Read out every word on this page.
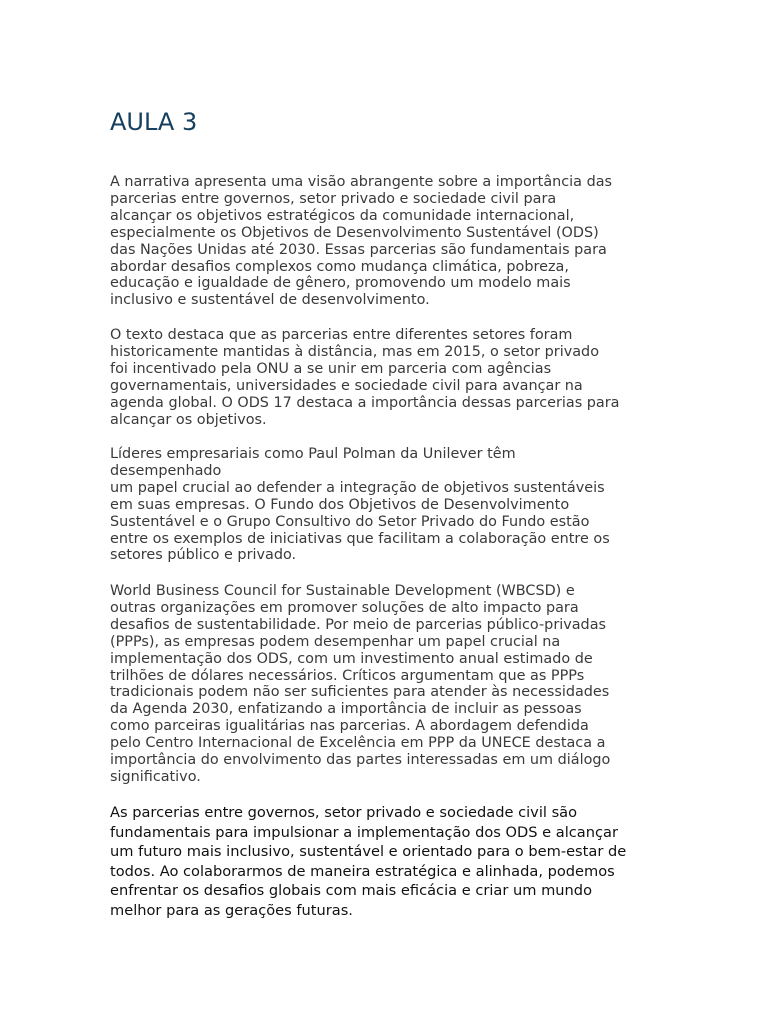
AULA 3

A narrativa apresenta uma visão abrangente sobre a importância das
parcerias entre governos, setor privado e sociedade civil para
alcançar os objetivos estratégicos da comunidade internacional,
especialmente os Objetivos de Desenvolvimento Sustentável (ODS)
das Nações Unidas até 2030. Essas parcerias são fundamentais para
abordar desafios complexos como mudança climática, pobreza,
educação e igualdade de gênero, promovendo um modelo mais
inclusivo e sustentável de desenvolvimento.

O texto destaca que as parcerias entre diferentes setores foram
historicamente mantidas à distância, mas em 2015, o setor privado
foi incentivado pela ONU a se unir em parceria com agências
governamentais, universidades e sociedade civil para avançar na
agenda global. O ODS 17 destaca a importância dessas parcerias para
alcançar os objetivos.

Líderes empresariais como Paul Polman da Unilever têm
desempenhado
um papel crucial ao defender a integração de objetivos sustentáveis
em suas empresas. O Fundo dos Objetivos de Desenvolvimento
Sustentável e o Grupo Consultivo do Setor Privado do Fundo estão
entre os exemplos de iniciativas que facilitam a colaboração entre os
setores público e privado.

World Business Council for Sustainable Development (WBCSD) e
outras organizações em promover soluções de alto impacto para
desafios de sustentabilidade. Por meio de parcerias público-privadas
(PPPs), as empresas podem desempenhar um papel crucial na
implementação dos ODS, com um investimento anual estimado de
trilhões de dólares necessários. Críticos argumentam que as PPPs
tradicionais podem não ser suficientes para atender às necessidades
da Agenda 2030, enfatizando a importância de incluir as pessoas
como parceiras igualitárias nas parcerias. A abordagem defendida
pelo Centro Internacional de Excelência em PPP da UNECE destaca a
importância do envolvimento das partes interessadas em um diálogo
significativo.

As parcerias entre governos, setor privado e sociedade civil são
fundamentais para impulsionar a implementação dos ODS e alcançar
um futuro mais inclusivo, sustentável e orientado para o bem-estar de
todos. Ao colaborarmos de maneira estratégica e alinhada, podemos
enfrentar os desafios globais com mais eficácia e criar um mundo
melhor para as gerações futuras.
